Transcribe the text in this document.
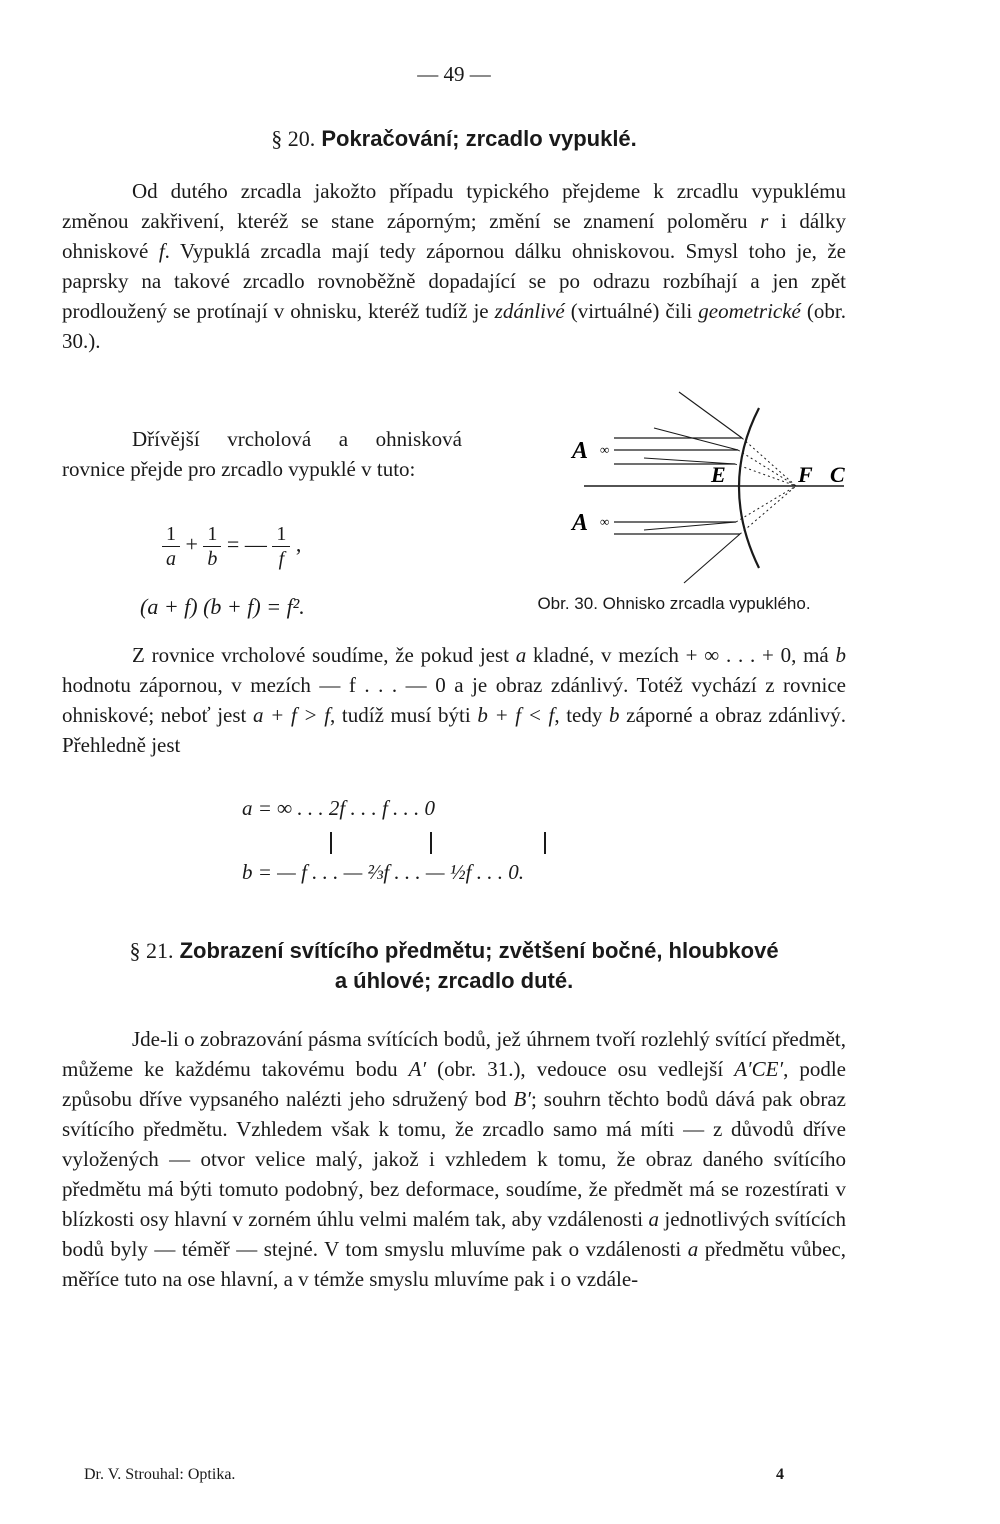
— 49 —
§ 20. Pokračování; zrcadlo vypuklé.

Od dutého zrcadla jakožto případu typického přejdeme k zrcadlu vypuklému změnou zakřivení, kteréž se stane záporným; změní se znamení poloměru r i dálky ohniskové f. Vypuklá zrcadla mají tedy zápornou dálku ohniskovou. Smysl toho je, že paprsky na takové zrcadlo rovnoběžně dopadající se po odrazu rozbíhají a jen zpět prodloužený se protínají v ohnisku, kteréž tudíž je zdánlivé (virtuálné) čili geometrické (obr. 30.).

Dřívější vrcholová a ohnisková rovnice přejde pro zrcadlo vypuklé v tuto:

$\frac{1}{a} + \frac{1}{b}$ = — $\frac{1}{f}$ ,
(a + f) (b + f) = f².
A ∞
A ∞
E	F C
Obr. 30. Ohnisko zrcadla vypuklého.

Z rovnice vrcholové soudíme, že pokud jest a kladné, v mezích + ∞ . . . + 0, má b hodnotu zápornou, v mezích — f . . . — 0 a je obraz zdánlivý. Totéž vychází z rovnice ohniskové; neboť jest a + f > f, tudíž musí býti b + f < f, tedy b záporné a obraz zdánlivý. Přehledně jest

a = ∞ . . . 2f . . . f . . . 0
b = — f . . . — ⅔f . . . — ½f . . . 0.
§ 21. Zobrazení svítícího předmětu; zvětšení bočné, hloubkové
a úhlové; zrcadlo duté.

Jde-li o zobrazování pásma svítících bodů, jež úhrnem tvoří rozlehlý svítící předmět, můžeme ke každému takovému bodu A′ (obr. 31.), vedouce osu vedlejší A′CE′, podle způsobu dříve vypsaného nalézti jeho sdružený bod B′; souhrn těchto bodů dává pak obraz svítícího předmětu. Vzhledem však k tomu, že zrcadlo samo má míti — z důvodů dříve vyložených — otvor velice malý, jakož i vzhledem k tomu, že obraz daného svítícího předmětu má býti tomuto podobný, bez deformace, soudíme, že předmět má se rozestírati v blízkosti osy hlavní v zorném úhlu velmi malém tak, aby vzdálenosti a jednotlivých svítících bodů byly — téměř — stejné. V tom smyslu mluvíme pak o vzdálenosti a předmětu vůbec, měříce tuto na ose hlavní, a v témže smyslu mluvíme pak i o vzdále-

Dr. V. Strouhal: Optika.	4
